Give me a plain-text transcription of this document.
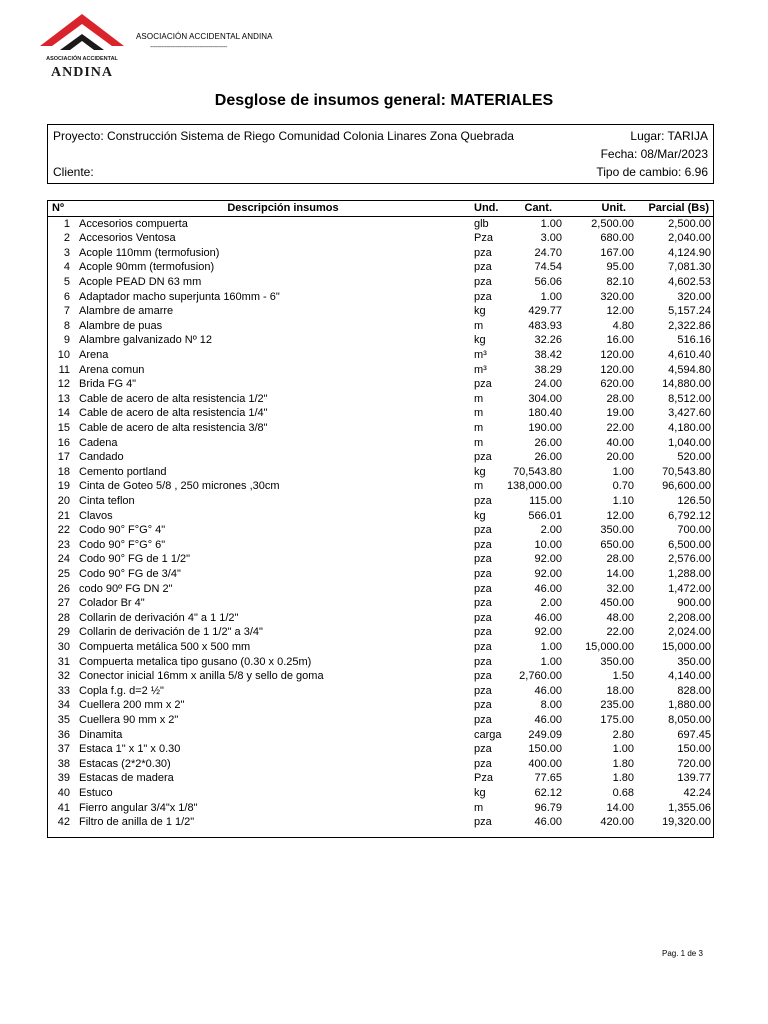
ASOCIACIÓN ACCIDENTAL
ANDINA
ASOCIACIÓN ACCIDENTAL ANDINA
------------------------------------------
Desglose de insumos general: MATERIALES
Proyecto: Construcción Sistema de Riego Comunidad Colonia Linares Zona Quebrada	Lugar: TARIJA
Fecha: 08/Mar/2023
Cliente:	Tipo de cambio: 6.96
Nº	Descripción insumos	Und.	Cant.	Unit.	Parcial (Bs)
1 Accesorios compuerta	glb	1.00	2,500.00	2,500.00
2 Accesorios Ventosa	Pza	3.00	680.00	2,040.00
3 Acople 110mm (termofusion)	pza	24.70	167.00	4,124.90
4 Acople 90mm (termofusion)	pza	74.54	95.00	7,081.30
5 Acople PEAD DN 63 mm	pza	56.06	82.10	4,602.53
6 Adaptador macho superjunta 160mm - 6"	pza	1.00	320.00	320.00
7 Alambre de amarre	kg	429.77	12.00	5,157.24
8 Alambre de puas	m	483.93	4.80	2,322.86
9 Alambre galvanizado Nº 12	kg	32.26	16.00	516.16
10 Arena	m³	38.42	120.00	4,610.40
11 Arena comun	m³	38.29	120.00	4,594.80
12 Brida FG 4"	pza	24.00	620.00	14,880.00
13 Cable de acero de alta resistencia 1/2"	m	304.00	28.00	8,512.00
14 Cable de acero de alta resistencia 1/4"	m	180.40	19.00	3,427.60
15 Cable de acero de alta resistencia 3/8"	m	190.00	22.00	4,180.00
16 Cadena	m	26.00	40.00	1,040.00
17 Candado	pza	26.00	20.00	520.00
18 Cemento portland	kg	70,543.80	1.00	70,543.80
19 Cinta de Goteo 5/8 , 250 micrones ,30cm	m	138,000.00	0.70	96,600.00
20 Cinta teflon	pza	115.00	1.10	126.50
21 Clavos	kg	566.01	12.00	6,792.12
22 Codo 90° F°G° 4"	pza	2.00	350.00	700.00
23 Codo 90° F°G° 6"	pza	10.00	650.00	6,500.00
24 Codo 90° FG de 1 1/2"	pza	92.00	28.00	2,576.00
25 Codo 90° FG de 3/4"	pza	92.00	14.00	1,288.00
26 codo 90º FG DN 2"	pza	46.00	32.00	1,472.00
27 Colador Br 4"	pza	2.00	450.00	900.00
28 Collarin de derivación 4" a 1 1/2"	pza	46.00	48.00	2,208.00
29 Collarin de derivación de 1 1/2" a 3/4"	pza	92.00	22.00	2,024.00
30 Compuerta metálica 500 x 500 mm	pza	1.00	15,000.00	15,000.00
31 Compuerta metalica tipo gusano (0.30 x 0.25m)	pza	1.00	350.00	350.00
32 Conector inicial 16mm x anilla 5/8 y sello de goma	pza	2,760.00	1.50	4,140.00
33 Copla f.g. d=2 ½"	pza	46.00	18.00	828.00
34 Cuellera 200 mm x 2"	pza	8.00	235.00	1,880.00
35 Cuellera 90 mm x 2"	pza	46.00	175.00	8,050.00
36 Dinamita	carga	249.09	2.80	697.45
37 Estaca 1" x 1" x 0.30	pza	150.00	1.00	150.00
38 Estacas (2*2*0.30)	pza	400.00	1.80	720.00
39 Estacas de madera	Pza	77.65	1.80	139.77
40 Estuco	kg	62.12	0.68	42.24
41 Fierro angular 3/4"x 1/8"	m	96.79	14.00	1,355.06
42 Filtro de anilla de 1 1/2"	pza	46.00	420.00	19,320.00
Pag. 1 de 3
